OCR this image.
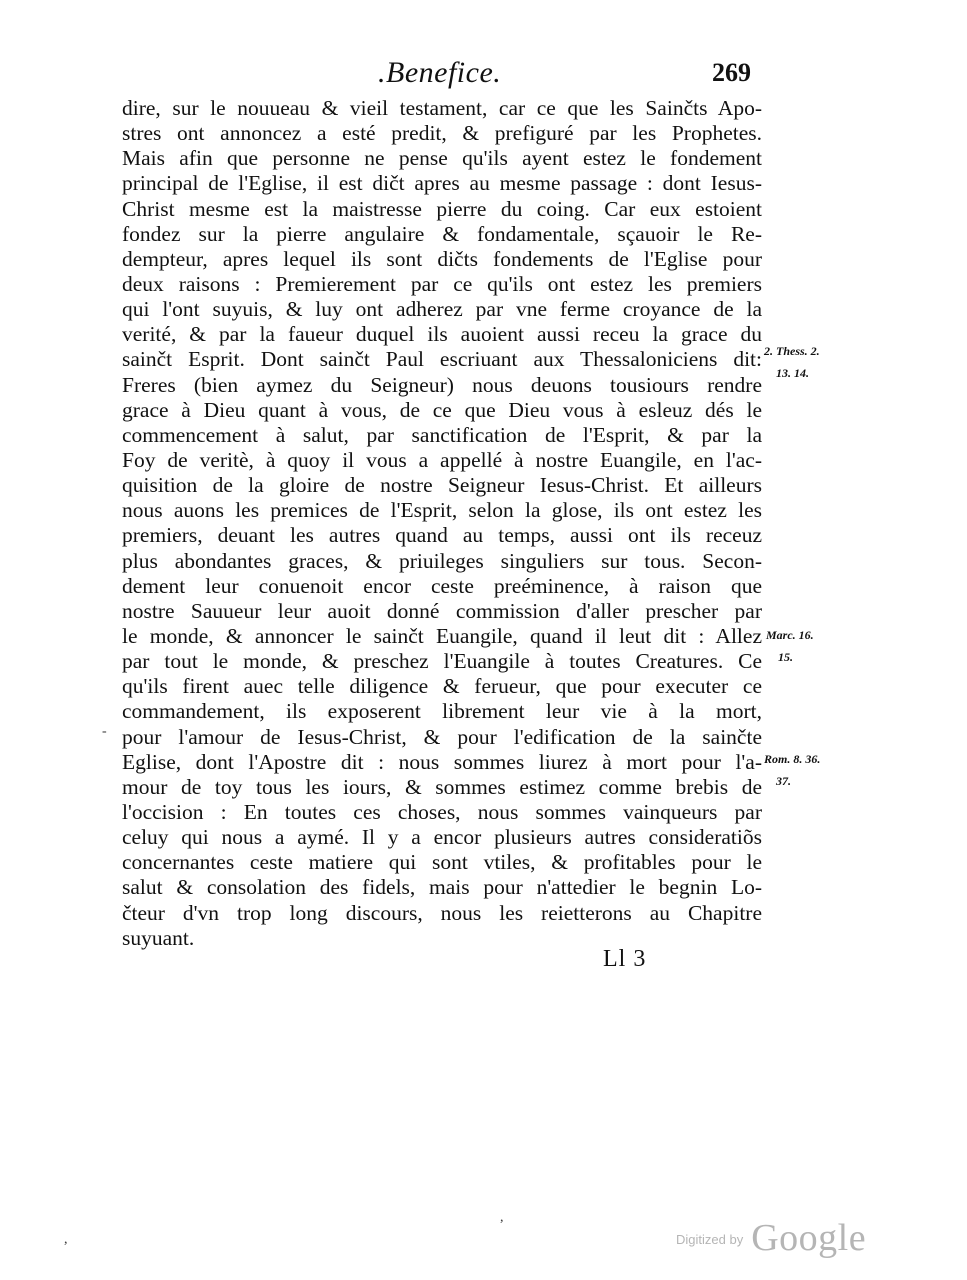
.Benefice.	269
dire, sur le nouueau & vieil testament, car ce que les Sainčts Apo-
stres ont annoncez a esté predit, & prefiguré par les Prophetes.
Mais afin que personne ne pense qu'ils ayent estez le fondement
principal de l'Eglise, il est dičt apres au mesme passage : dont Iesus-
Christ mesme est la maistresse pierre du coing. Car eux estoient
fondez sur la pierre angulaire & fondamentale, sçauoir le Re-
dempteur, apres lequel ils sont dičts fondements de l'Eglise pour
deux raisons : Premierement par ce qu'ils ont estez les premiers
qui l'ont suyuis, & luy ont adherez par vne ferme croyance de la
verité, & par la faueur duquel ils auoient aussi receu la grace du
sainčt Esprit. Dont sainčt Paul escriuant aux Thessaloniciens dit:
Freres (bien aymez du Seigneur) nous deuons tousiours rendre
grace à Dieu quant à vous, de ce que Dieu vous à esleuz dés le
commencement à salut, par sanctification de l'Esprit, & par la
Foy de veritè, à quoy il vous a appellé à nostre Euangile, en l'ac-
quisition de la gloire de nostre Seigneur Iesus-Christ. Et ailleurs
nous auons les premices de l'Esprit, selon la glose, ils ont estez les
premiers, deuant les autres quand au temps, aussi ont ils receuz
plus abondantes graces, & priuileges singuliers sur tous. Secon-
dement leur conuenoit encor ceste preéminence, à raison que
nostre Sauueur leur auoit donné commission d'aller prescher par
le monde, & annoncer le sainčt Euangile, quand il leut dit : Allez
par tout le monde, & preschez l'Euangile à toutes Creatures. Ce
qu'ils firent auec telle diligence & ferueur, que pour executer ce
commandement, ils exposerent librement leur vie à la mort,
pour l'amour de Iesus-Christ, & pour l'edification de la sainčte
Eglise, dont l'Apostre dit : nous sommes liurez à mort pour l'a-
mour de toy tous les iours, & sommes estimez comme brebis de
l'occision : En toutes ces choses, nous sommes vainqueurs par
celuy qui nous a aymé. Il y a encor plusieurs autres consideratiõs
concernantes ceste matiere qui sont vtiles, & profitables pour le
salut & consolation des fidels, mais pour n'attedier le begnin Lo-
čteur d'vn trop long discours, nous les reietterons au Chapitre
suyuant.
2. Thess. 2.
13. 14.
Marc. 16.
15.
Rom. 8. 36.
37.
Ll 3
-
,
,	$^{Digitized by}$ Google
